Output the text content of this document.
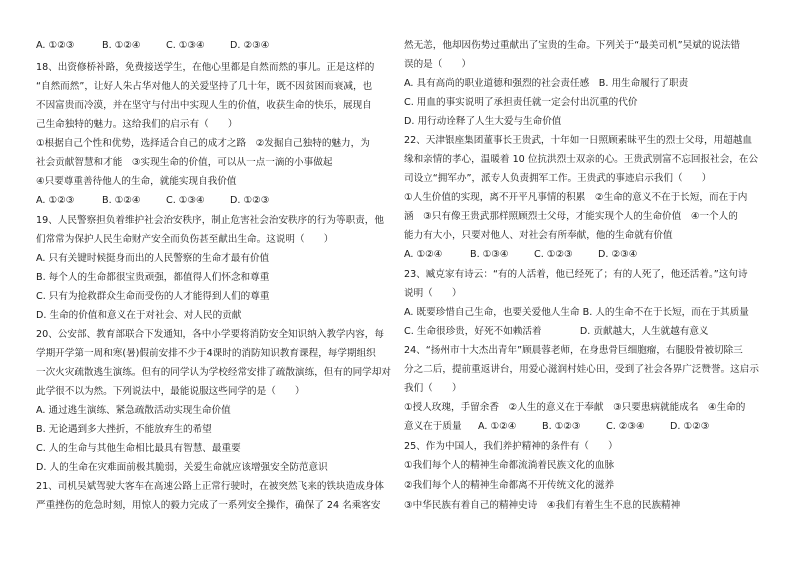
A. ①②③	B. ①②④	C. ①③④	D. ②③④
18、出资修桥补路，免费接送学生，在他心里都是自然而然的事儿。正是这样的
“自然而然”，让好人朱占华对他人的关爱坚持了几十年，既不因贫困而衰减，也
不因富贵而冷漠，并在坚守与付出中实现人生的价值，收获生命的快乐，展现自
己生命独特的魅力。这给我们的启示有（　　）
①根据自己个性和优势，选择适合自己的成才之路　②发掘自己独特的魅力，为
社会贡献智慧和才能　③实现生命的价值，可以从一点一滴的小事做起
④只要尊重善待他人的生命，就能实现自我价值
A. ①②③	B. ①②④	C. ①③④	D. ①②③
19、人民警察担负着维护社会治安秩序，制止危害社会治安秩序的行为等职责，他
们常常为保护人民生命财产安全而负伤甚至献出生命。这说明（　　）
A. 只有关键时候挺身而出的人民警察的生命才最有价值
B. 每个人的生命都很宝贵顽强，都值得人们怀念和尊重
C. 只有为抢救群众生命而受伤的人才能得到人们的尊重
D. 生命的价值和意义在于对社会、对人民的贡献
20、公安部、教育部联合下发通知，各中小学要将消防安全知识纳入教学内容，每
学期开学第一周和寒(暑)假前安排不少于4课时的消防知识教育课程，每学期组织
一次火灾疏散逃生演练。但有的同学认为学校经常安排了疏散演练，但有的同学却对
此学很不以为然。下列说法中，最能说服这些同学的是（　　）
A. 通过逃生演练、紧急疏散活动实现生命价值
B. 无论遇到多大挫折，不能放弃生的希望
C. 人的生命与其他生命相比最具有智慧、最重要
D. 人的生命在灾难面前极其脆弱，关爱生命就应该增强安全防范意识
21、司机吴斌驾驶大客车在高速公路上正常行驶时，在被突然飞来的铁块造成身体
严重挫伤的危急时刻，用惊人的毅力完成了一系列安全操作，确保了 24 名乘客安
然无恙，他却因伤势过重献出了宝贵的生命。下列关于“最美司机”吴斌的说法错
误的是（　　）
A. 具有高尚的职业道德和强烈的社会责任感　B. 用生命履行了职责
C. 用血的事实说明了承担责任就一定会付出沉重的代价
D. 用行动诠释了人生大爱与生命价值
22、天津银座集团董事长王贵武，十年如一日照顾素昧平生的烈士父母，用超越血
缘和亲情的孝心，温暖着 10 位抗洪烈士双亲的心。王贵武别富不忘回报社会，在公
司设立“拥军办”，派专人负责拥军工作。王贵武的事迹启示我们（　　）
①人生价值的实现，离不开平凡事情的积累　②生命的意义不在于长短，而在于内
涵　③只有像王贵武那样照顾烈士父母，才能实现个人的生命价值　④一个人的
能力有大小，只要对他人、对社会有所奉献，他的生命就有价值
A. ①②④	B. ①③④	C. ①②③	D. ②③④
23、臧克家有诗云：“有的人活着，他已经死了；有的人死了，他还活着。”这句诗
说明（　　）
A. 既要珍惜自己生命，也要关爱他人生命 B. 人的生命不在于长短，而在于其质量
C. 生命很珍贵，好死不如赖活着　　　　D. 贡献越大，人生就越有意义
24、“扬州市十大杰出青年”顾晨蓉老师，在身患骨巨细胞瘤，右腿股骨被切除三
分之二后，提前重返讲台，用爱心滋润村娃心田，受到了社会各界广泛赞誉。这启示
我们（　　）
①授人玫瑰，手留余香　②人生的意义在于奉献　③只要患病就能成名　④生命的
意义在于质量 A. ①②④	B. ①②③	C. ②③④	D. ①②③
25、作为中国人，我们养护精神的条件有（　　）
①我们每个人的精神生命都流淌着民族文化的血脉
②我们每个人的精神生命都离不开传统文化的滋养
③中华民族有着自己的精神史诗　④我们有着生生不息的民族精神
